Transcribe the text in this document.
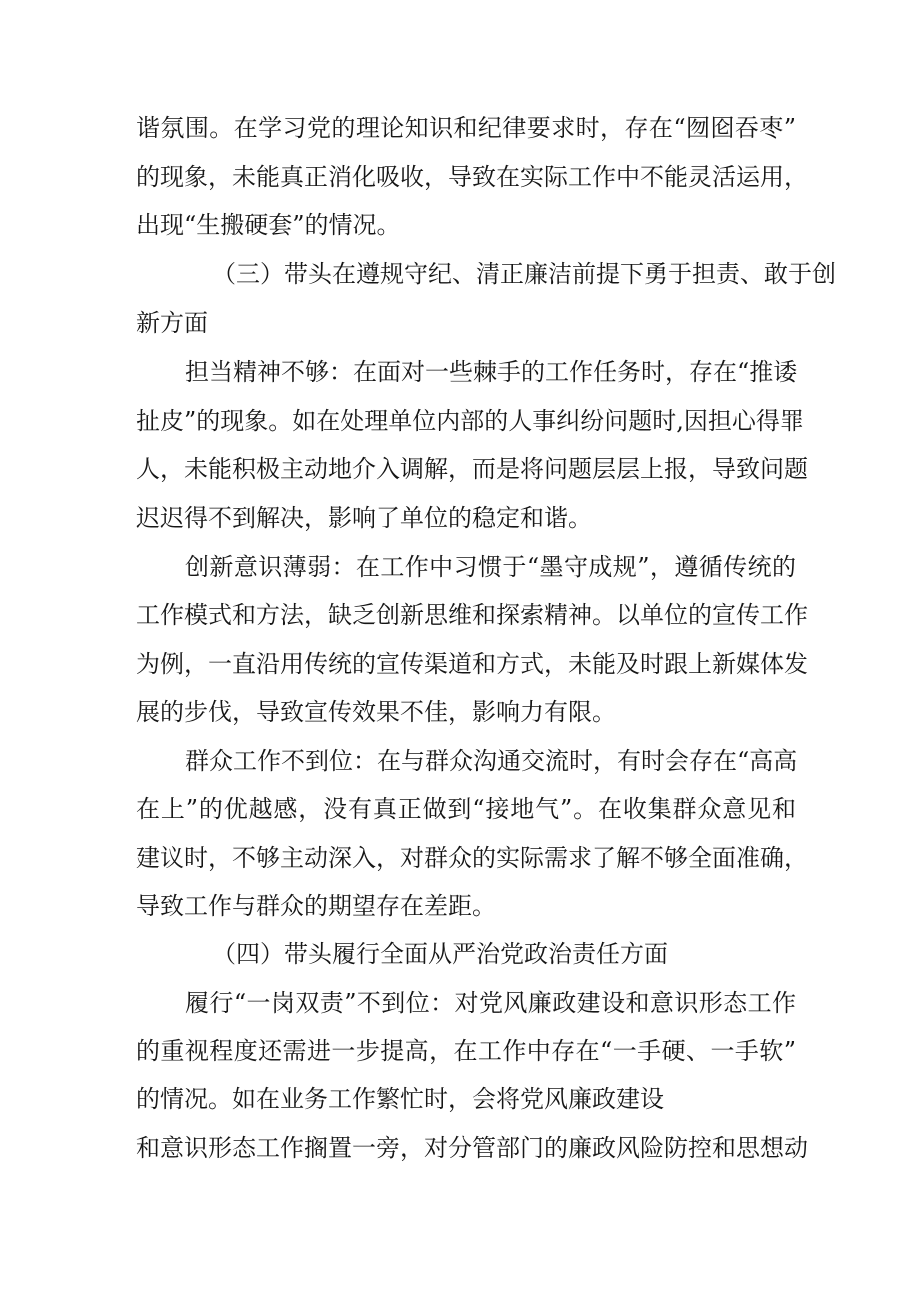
谐氛围。在学习党的理论知识和纪律要求时，存在“囫囵吞枣”

的现象，未能真正消化吸收，导致在实际工作中不能灵活运用，

出现“生搬硬套”的情况。

（三）带头在遵规守纪、清正廉洁前提下勇于担责、敢于创

新方面

担当精神不够：在面对一些棘手的工作任务时，存在“推诿

扯皮”的现象。如在处理单位内部的人事纠纷问题时,因担心得罪

人，未能积极主动地介入调解，而是将问题层层上报，导致问题

迟迟得不到解决，影响了单位的稳定和谐。

创新意识薄弱：在工作中习惯于“墨守成规”，遵循传统的

工作模式和方法，缺乏创新思维和探索精神。以单位的宣传工作

为例，一直沿用传统的宣传渠道和方式，未能及时跟上新媒体发

展的步伐，导致宣传效果不佳，影响力有限。

群众工作不到位：在与群众沟通交流时，有时会存在“高高

在上”的优越感，没有真正做到“接地气”。在收集群众意见和

建议时，不够主动深入，对群众的实际需求了解不够全面准确，

导致工作与群众的期望存在差距。

（四）带头履行全面从严治党政治责任方面

履行“一岗双责”不到位：对党风廉政建设和意识形态工作

的重视程度还需进一步提高，在工作中存在“一手硬、一手软”

的情况。如在业务工作繁忙时，会将党风廉政建设

和意识形态工作搁置一旁，对分管部门的廉政风险防控和思想动
